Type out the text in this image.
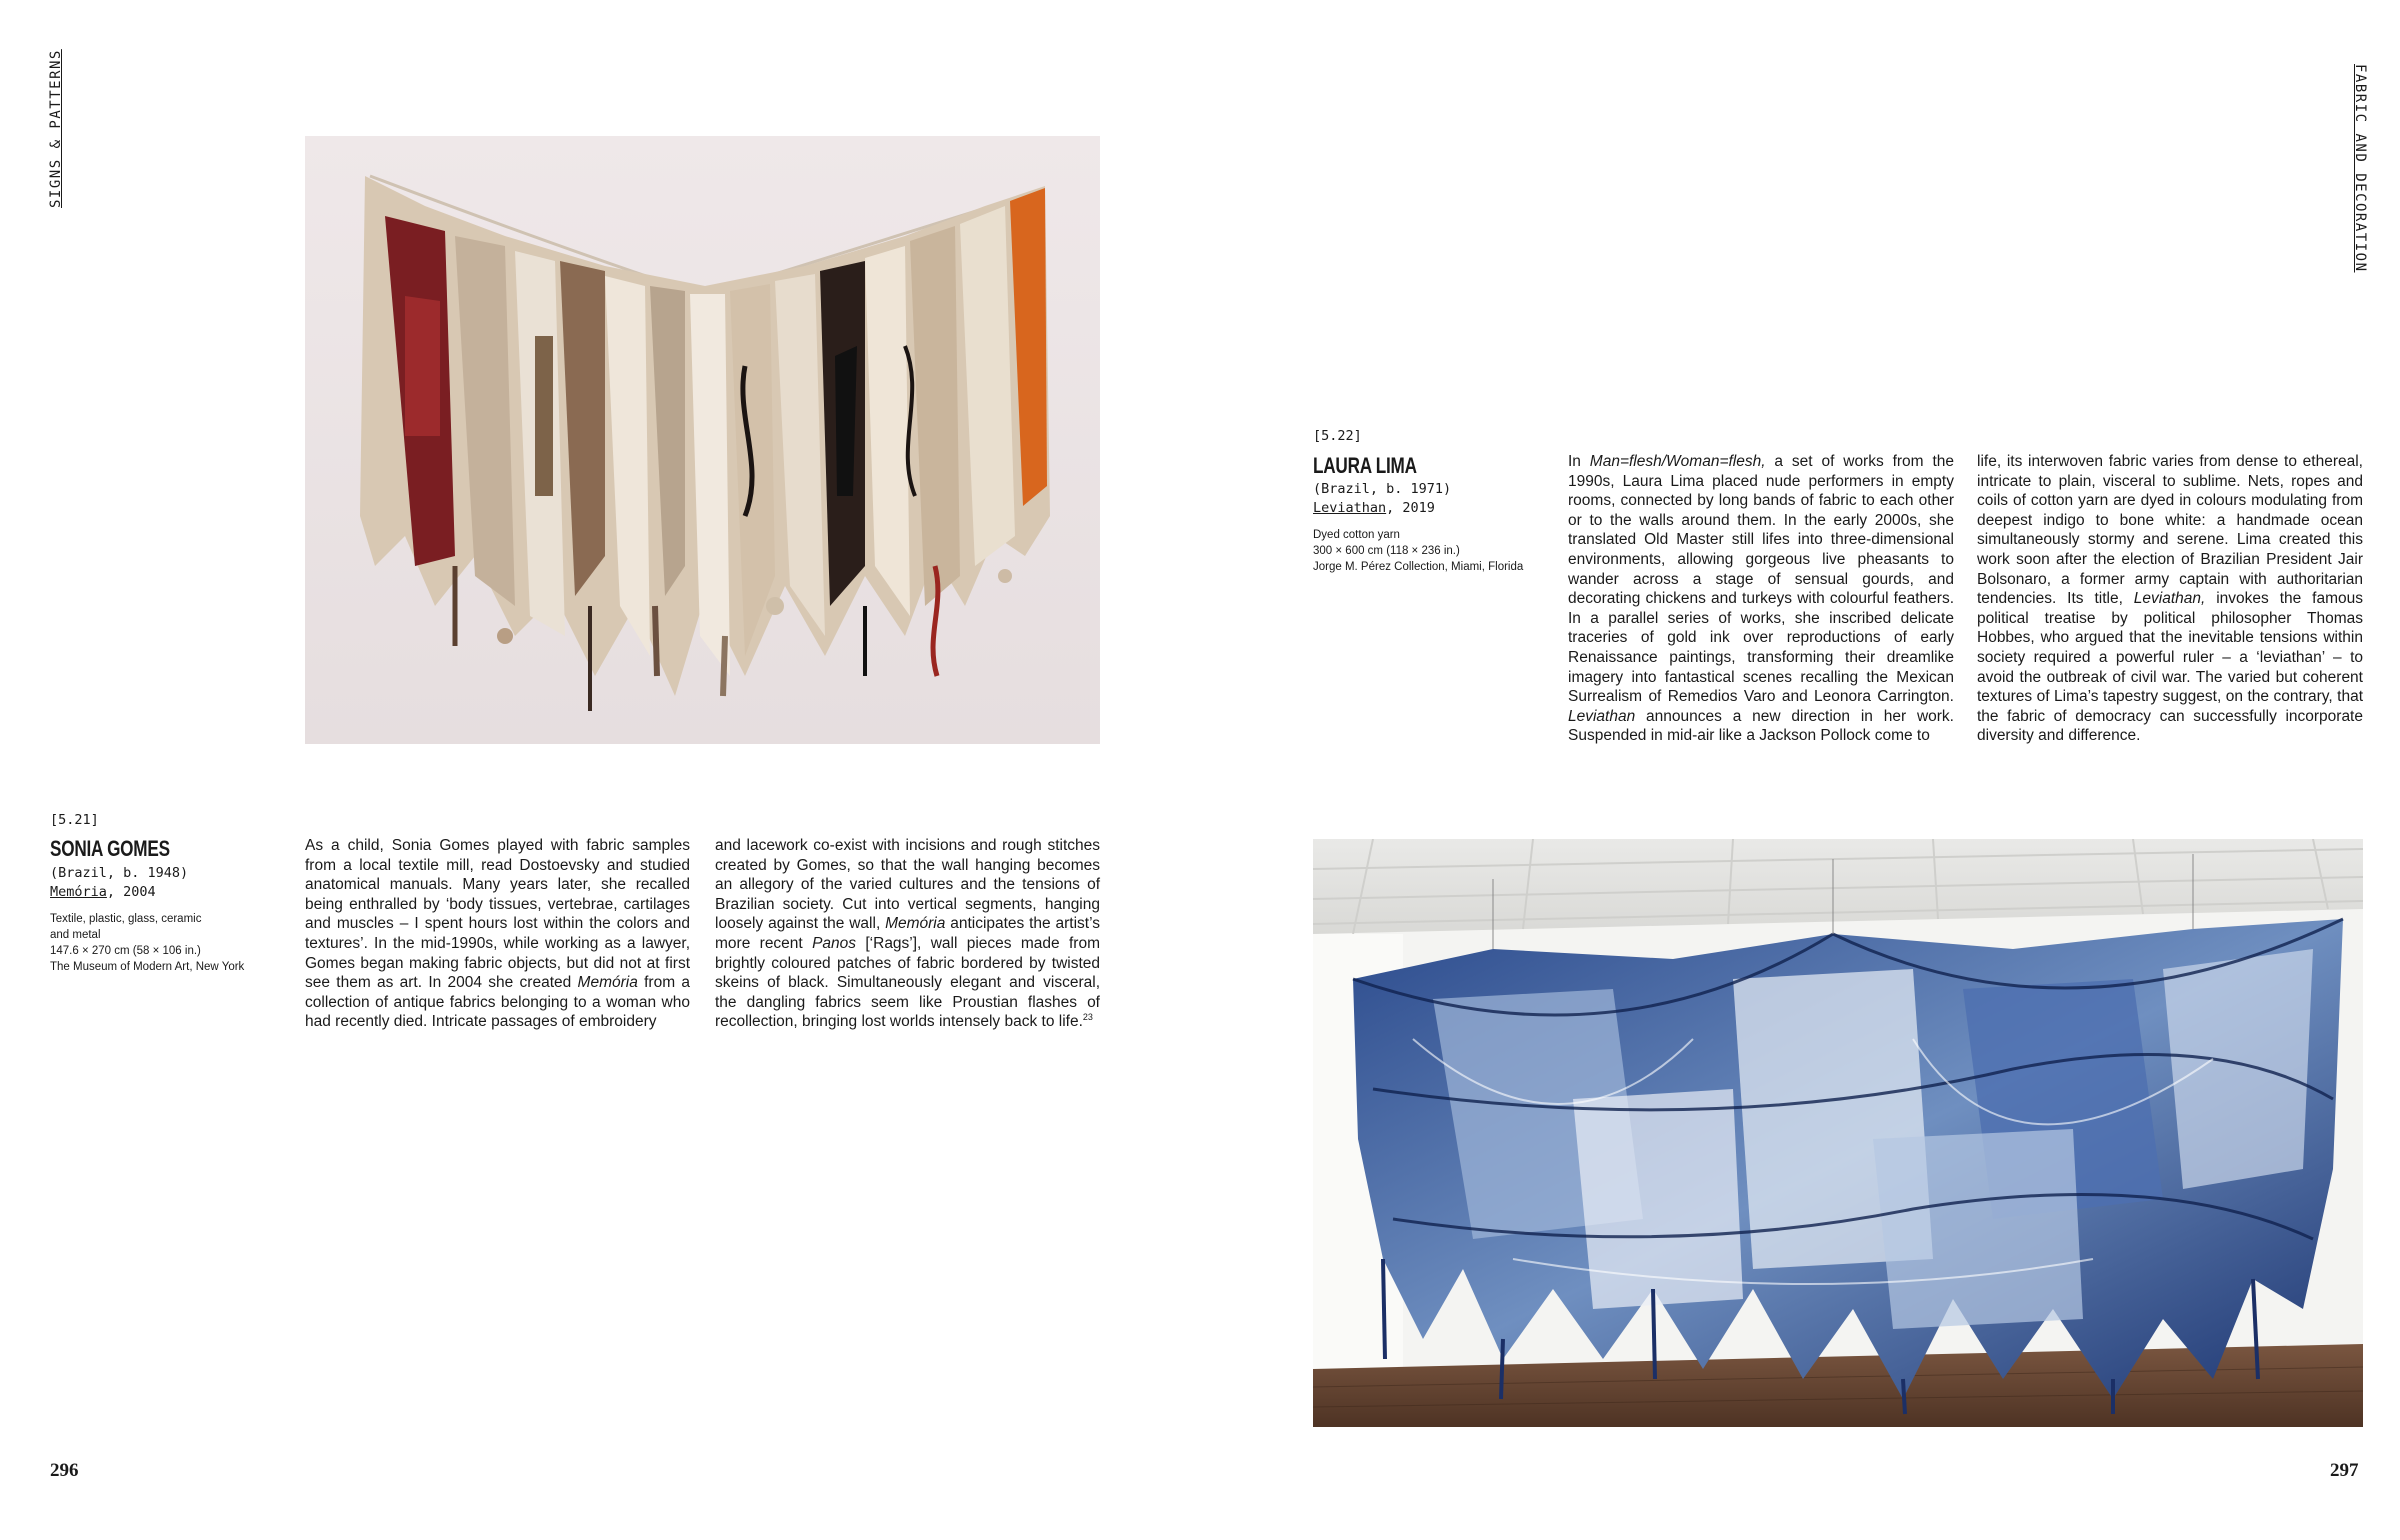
SIGNS & PATTERNS	FABRIC AND DECORATION
[5.21]
SONIA GOMES
(Brazil, b. 1948)
Memória, 2004
Textile, plastic, glass, ceramic
and metal
147.6 × 270 cm (58 × 106 in.)
The Museum of Modern Art, New York

As a child, Sonia Gomes played with fabric samples from a local textile mill, read Dostoevsky and studied anatomical manuals. Many years later, she recalled being enthralled by ‘body tissues, vertebrae, cartilages and muscles – I spent hours lost within the colors and textures’. In the mid-1990s, while working as a lawyer, Gomes began making fabric objects, but did not at first see them as art. In 2004 she created Memória from a collection of antique fabrics belonging to a woman who had recently died. Intricate passages of embroidery

and lacework co-exist with incisions and rough stitches created by Gomes, so that the wall hanging becomes an allegory of the varied cultures and the tensions of Brazilian society. Cut into vertical segments, hanging loosely against the wall, Memória anticipates the artist’s more recent Panos [‘Rags’], wall pieces made from brightly coloured patches of fabric bordered by twisted skeins of black. Simultaneously elegant and visceral, the dangling fabrics seem like Proustian flashes of recollection, bringing lost worlds intensely back to life.$^{23}$

[5.22]
LAURA LIMA
(Brazil, b. 1971)
Leviathan, 2019
Dyed cotton yarn
300 × 600 cm (118 × 236 in.)
Jorge M. Pérez Collection, Miami, Florida

In Man=flesh/Woman=flesh, a set of works from the 1990s, Laura Lima placed nude performers in empty rooms, connected by long bands of fabric to each other or to the walls around them. In the early 2000s, she translated Old Master still lifes into three-dimensional environments, allowing gorgeous live pheasants to wander across a stage of sensual gourds, and decorating chickens and turkeys with colourful feathers. In a parallel series of works, she inscribed delicate traceries of gold ink over reproductions of early Renaissance paintings, transforming their dreamlike imagery into fantastical scenes recalling the Mexican Surrealism of Remedios Varo and Leonora Carrington. Leviathan announces a new direction in her work. Suspended in mid-air like a Jackson Pollock come to

life, its interwoven fabric varies from dense to ethereal, intricate to plain, visceral to sublime. Nets, ropes and coils of cotton yarn are dyed in colours modulating from deepest indigo to bone white: a handmade ocean simultaneously stormy and serene. Lima created this work soon after the election of Brazilian President Jair Bolsonaro, a former army captain with authoritarian tendencies. Its title, Leviathan, invokes the famous political treatise by political philosopher Thomas Hobbes, who argued that the inevitable tensions within society required a powerful ruler – a ‘leviathan’ – to avoid the outbreak of civil war. The varied but coherent textures of Lima’s tapestry suggest, on the contrary, that the fabric of democracy can successfully incorporate diversity and difference.

296	297
